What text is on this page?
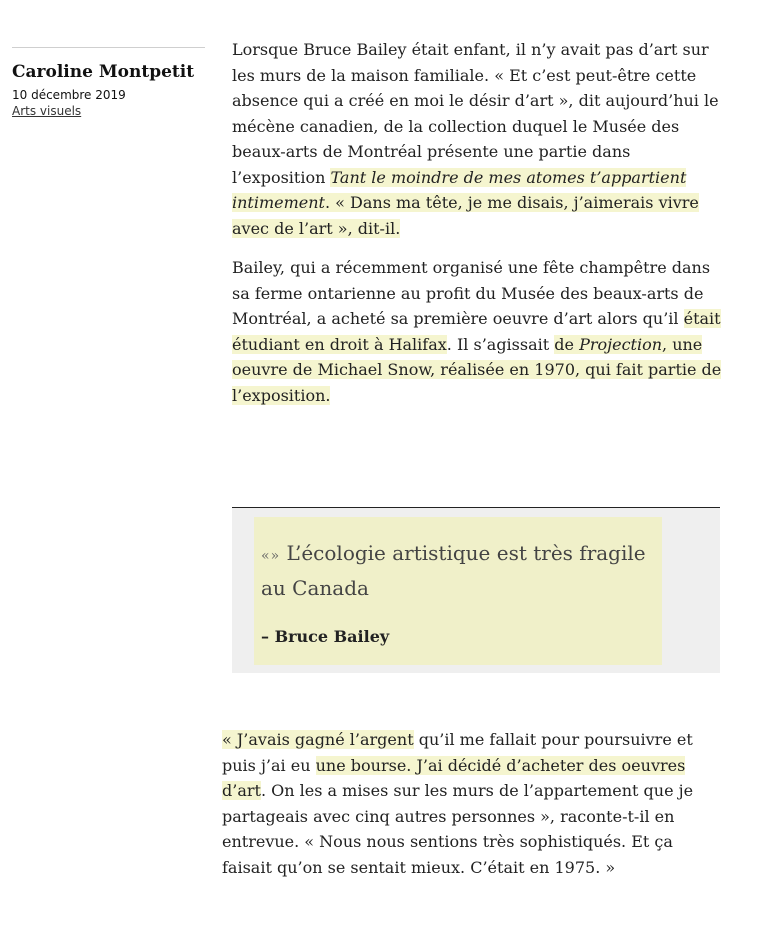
Caroline Montpetit
10 décembre 2019
Arts visuels

Lorsque Bruce Bailey était enfant, il n’y avait pas d’art sur les murs de la maison familiale. « Et c’est peut-être cette absence qui a créé en moi le désir d’art », dit aujourd’hui le mécène canadien, de la collection duquel le Musée des beaux-arts de Montréal présente une partie dans l’exposition Tant le moindre de mes atomes t’appartient intimement. « Dans ma tête, je me disais, j’aimerais vivre avec de l’art », dit-il.

Bailey, qui a récemment organisé une fête champêtre dans sa ferme ontarienne au profit du Musée des beaux-arts de Montréal, a acheté sa première oeuvre d’art alors qu’il était étudiant en droit à Halifax. Il s’agissait de Projection, une oeuvre de Michael Snow, réalisée en 1970, qui fait partie de l’exposition.

«» L’écologie artistique est très fragile au Canada
– Bruce Bailey

« J’avais gagné l’argent qu’il me fallait pour poursuivre et puis j’ai eu une bourse. J’ai décidé d’acheter des oeuvres d’art. On les a mises sur les murs de l’appartement que je partageais avec cinq autres personnes », raconte-t-il en entrevue. « Nous nous sentions très sophistiqués. Et ça faisait qu’on se sentait mieux. C’était en 1975. »
